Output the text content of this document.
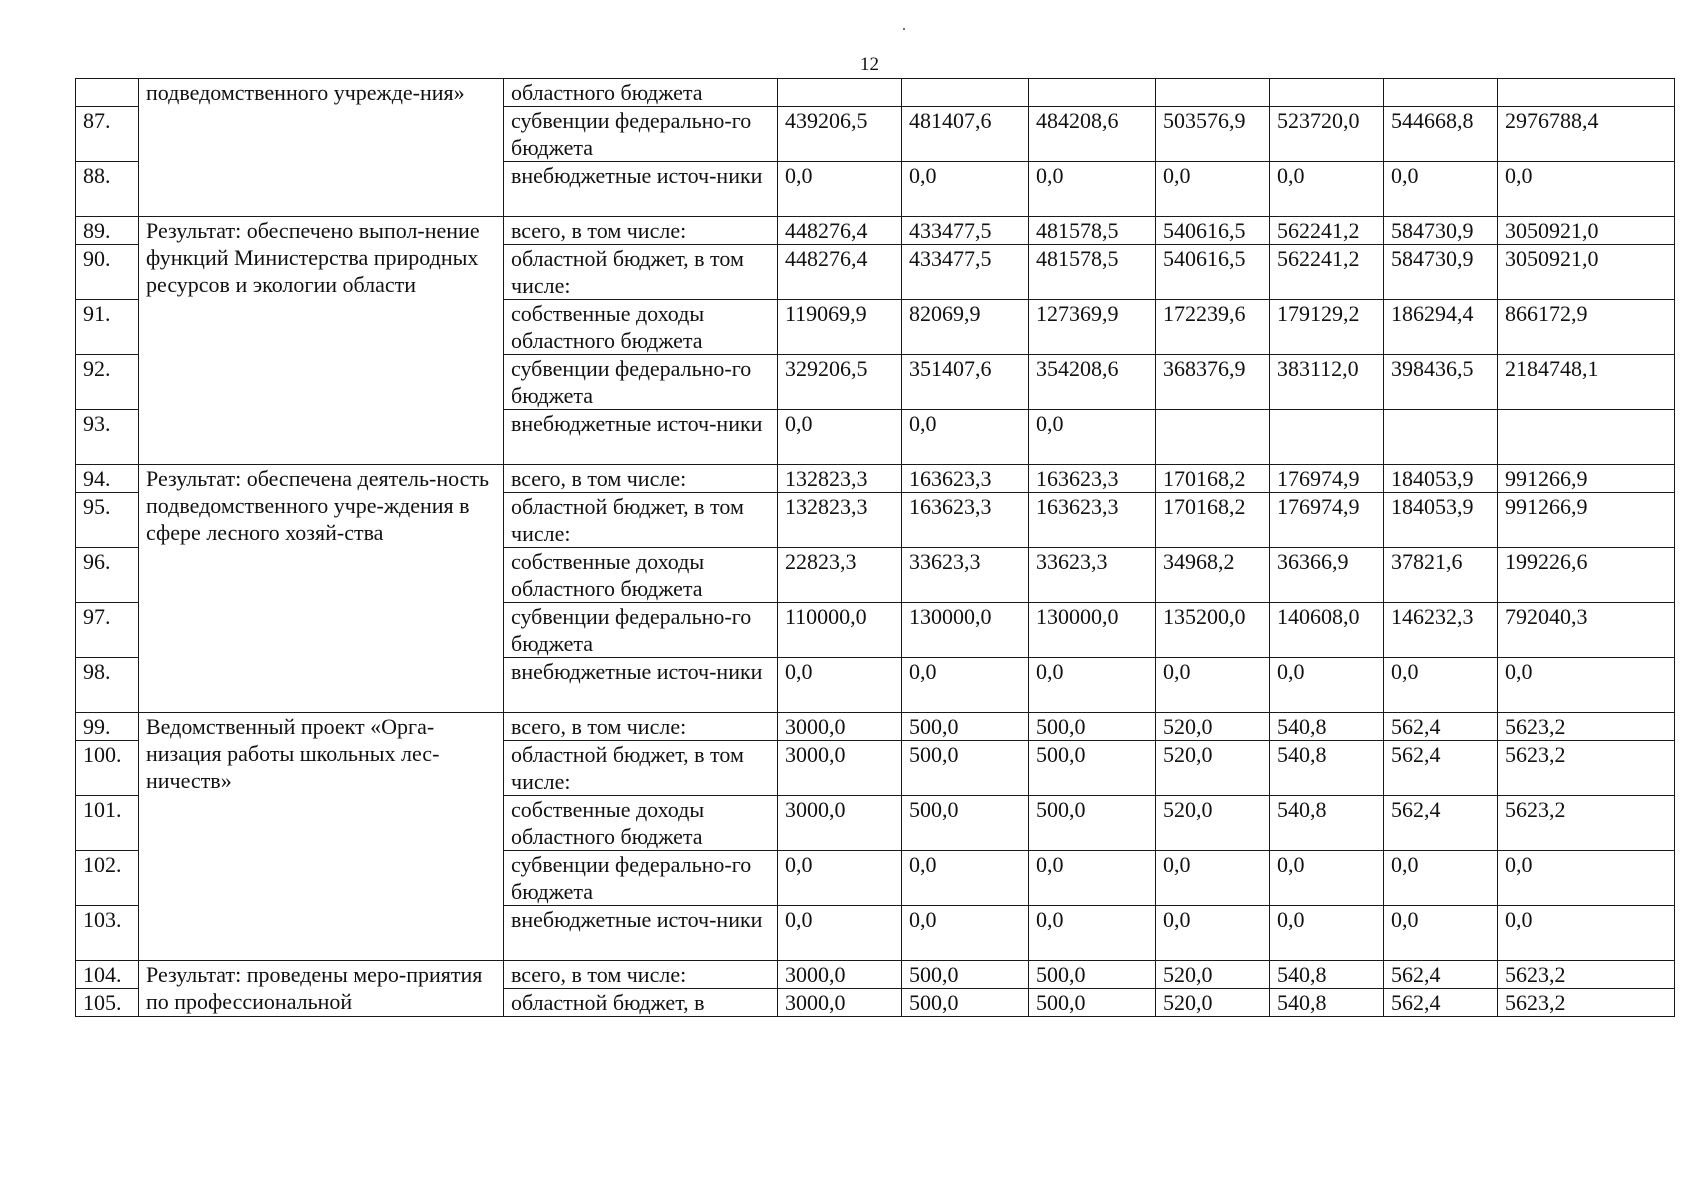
12
	подведомственного учрежде-ния»	областного бюджета							
87.		субвенции федерально-го бюджета	439206,5	481407,6	484208,6	503576,9	523720,0	544668,8	2976788,4
88.		внебюджетные источ-ники	0,0	0,0	0,0	0,0	0,0	0,0	0,0
89.	Результат: обеспечено выпол-нение функций Министерства природных ресурсов и экологии области	всего, в том числе:	448276,4	433477,5	481578,5	540616,5	562241,2	584730,9	3050921,0
90.		областной бюджет, в том числе:	448276,4	433477,5	481578,5	540616,5	562241,2	584730,9	3050921,0
91.		собственные доходы областного бюджета	119069,9	82069,9	127369,9	172239,6	179129,2	186294,4	866172,9
92.		субвенции федерально-го бюджета	329206,5	351407,6	354208,6	368376,9	383112,0	398436,5	2184748,1
93.		внебюджетные источ-ники	0,0	0,0	0,0				
94.	Результат: обеспечена деятель-ность подведомственного учре-ждения в сфере лесного хозяй-ства	всего, в том числе:	132823,3	163623,3	163623,3	170168,2	176974,9	184053,9	991266,9
95.		областной бюджет, в том числе:	132823,3	163623,3	163623,3	170168,2	176974,9	184053,9	991266,9
96.		собственные доходы областного бюджета	22823,3	33623,3	33623,3	34968,2	36366,9	37821,6	199226,6
97.		субвенции федерально-го бюджета	110000,0	130000,0	130000,0	135200,0	140608,0	146232,3	792040,3
98.		внебюджетные источ-ники	0,0	0,0	0,0	0,0	0,0	0,0	0,0
99.	Ведомственный проект «Орга-низация работы школьных лес-ничеств»	всего, в том числе:	3000,0	500,0	500,0	520,0	540,8	562,4	5623,2
100.		областной бюджет, в том числе:	3000,0	500,0	500,0	520,0	540,8	562,4	5623,2
101.		собственные доходы областного бюджета	3000,0	500,0	500,0	520,0	540,8	562,4	5623,2
102.		субвенции федерально-го бюджета	0,0	0,0	0,0	0,0	0,0	0,0	0,0
103.		внебюджетные источ-ники	0,0	0,0	0,0	0,0	0,0	0,0	0,0
104.	Результат: проведены меро-приятия по профессиональной	всего, в том числе:	3000,0	500,0	500,0	520,0	540,8	562,4	5623,2
105.		областной бюджет, в	3000,0	500,0	500,0	520,0	540,8	562,4	5623,2
